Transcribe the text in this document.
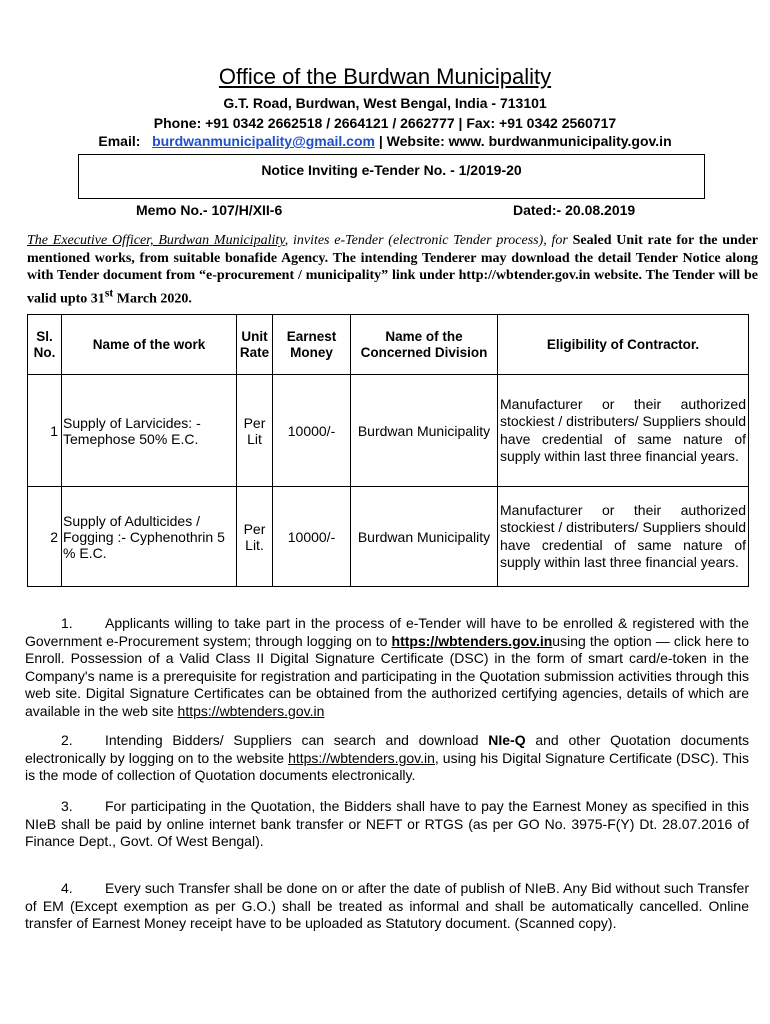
Office of the Burdwan Municipality
G.T. Road, Burdwan, West Bengal, India - 713101
Phone: +91 0342 2662518 / 2664121 / 2662777 | Fax: +91 0342 2560717
Email: burdwanmunicipality@gmail.com | Website: www. burdwanmunicipality.gov.in
Notice Inviting e-Tender No. - 1/2019-20
Memo No.- 107/H/XII-6	Dated:- 20.08.2019
The Executive Officer, Burdwan Municipality, invites e-Tender (electronic Tender process), for Sealed Unit rate for the under mentioned works, from suitable bonafide Agency. The intending Tenderer may download the detail Tender Notice along with Tender document from “e-procurement / municipality” link under http://wbtender.gov.in website. The Tender will be valid upto 31st March 2020.
Sl. No.	Name of the work	Unit Rate	Earnest Money	Name of the Concerned Division	Eligibility of Contractor.
1	Supply of Larvicides: - Temephose 50% E.C.	Per Lit	10000/-	Burdwan Municipality	Manufacturer or their authorized stockiest / distributers/ Suppliers should have credential of same nature of supply within last three financial years.
2	Supply of Adulticides / Fogging :- Cyphenothrin 5 % E.C.	Per Lit.	10000/-	Burdwan Municipality	Manufacturer or their authorized stockiest / distributers/ Suppliers should have credential of same nature of supply within last three financial years.
1. Applicants willing to take part in the process of e-Tender will have to be enrolled & registered with the Government e-Procurement system; through logging on to https://wbtenders.gov.inusing the option — click here to Enroll. Possession of a Valid Class II Digital Signature Certificate (DSC) in the form of smart card/e-token in the Company's name is a prerequisite for registration and participating in the Quotation submission activities through this web site. Digital Signature Certificates can be obtained from the authorized certifying agencies, details of which are available in the web site https://wbtenders.gov.in
2. Intending Bidders/ Suppliers can search and download NIe-Q and other Quotation documents electronically by logging on to the website https://wbtenders.gov.in, using his Digital Signature Certificate (DSC). This is the mode of collection of Quotation documents electronically.
3. For participating in the Quotation, the Bidders shall have to pay the Earnest Money as specified in this NIeB shall be paid by online internet bank transfer or NEFT or RTGS (as per GO No. 3975-F(Y) Dt. 28.07.2016 of Finance Dept., Govt. Of West Bengal).
4. Every such Transfer shall be done on or after the date of publish of NIeB. Any Bid without such Transfer of EM (Except exemption as per G.O.) shall be treated as informal and shall be automatically cancelled. Online transfer of Earnest Money receipt have to be uploaded as Statutory document. (Scanned copy).
